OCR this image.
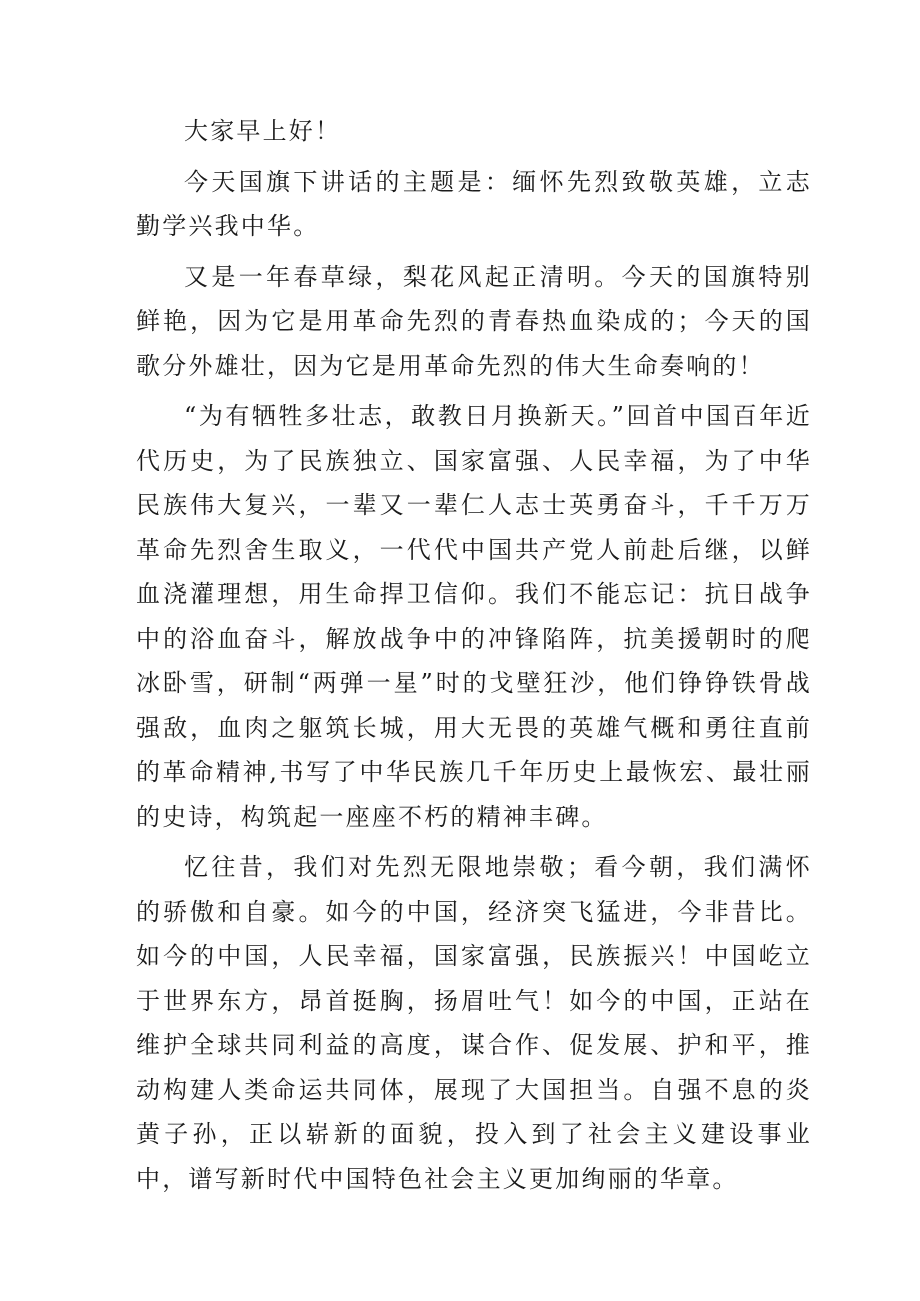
大家早上好！

今天国旗下讲话的主题是：缅怀先烈致敬英雄，立志勤学兴我中华。

又是一年春草绿，梨花风起正清明。今天的国旗特别鲜艳，因为它是用革命先烈的青春热血染成的；今天的国歌分外雄壮，因为它是用革命先烈的伟大生命奏响的！

“为有牺牲多壮志，敢教日月换新天。”回首中国百年近代历史，为了民族独立、国家富强、人民幸福，为了中华民族伟大复兴，一辈又一辈仁人志士英勇奋斗，千千万万革命先烈舍生取义，一代代中国共产党人前赴后继，以鲜血浇灌理想，用生命捍卫信仰。我们不能忘记：抗日战争中的浴血奋斗，解放战争中的冲锋陷阵，抗美援朝时的爬冰卧雪，研制“两弹一星”时的戈壁狂沙，他们铮铮铁骨战强敌，血肉之躯筑长城，用大无畏的英雄气概和勇往直前的革命精神,书写了中华民族几千年历史上最恢宏、最壮丽的史诗，构筑起一座座不朽的精神丰碑。

忆往昔，我们对先烈无限地崇敬；看今朝，我们满怀的骄傲和自豪。如今的中国，经济突飞猛进，今非昔比。如今的中国，人民幸福，国家富强，民族振兴！中国屹立于世界东方，昂首挺胸，扬眉吐气！如今的中国，正站在维护全球共同利益的高度，谋合作、促发展、护和平，推动构建人类命运共同体，展现了大国担当。自强不息的炎黄子孙，正以崭新的面貌，投入到了社会主义建设事业中，谱写新时代中国特色社会主义更加绚丽的华章。
